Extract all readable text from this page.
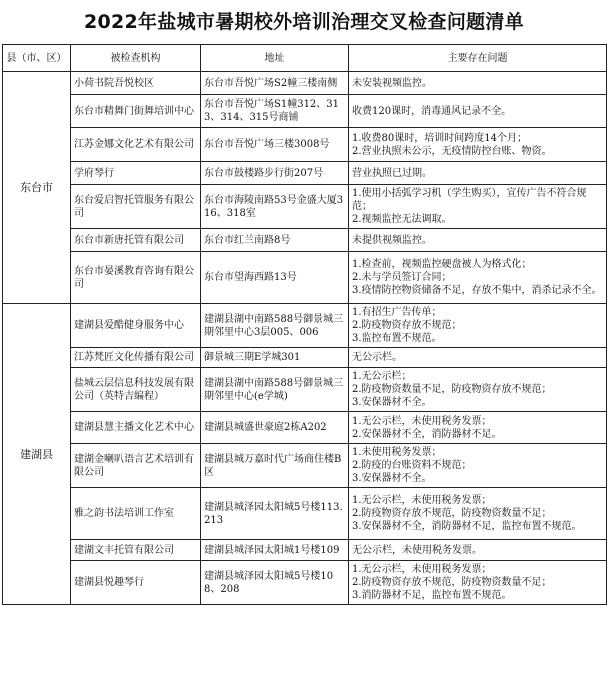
2022年盐城市暑期校外培训治理交叉检查问题清单
县（市、区）	被检查机构	地址	主要存在问题
东台市	小荷书院吾悦校区	东台市吾悦广场S2幢三楼南侧	未安装视频监控。

	东台市精舞门街舞培训中心	东台市吾悦广场S1幢312、313、314、315号商铺	收费120课时，消毒通风记录不全。

	江苏金娜文化艺术有限公司	东台市吾悦广场三楼3008号	1.收费80课时，培训时间跨度14个月；
2.营业执照未公示，无疫情防控台账、物资。

	学府琴行	东台市鼓楼路步行街207号	营业执照已过期。

	东台爱启智托管服务有限公司	东台市海陵南路53号金盛大厦316、318室	1.使用小括弧学习机（学生购买），宣传广告不符合规范；
2.视频监控无法调取。

	东台市新唐托管有限公司	东台市红兰南路8号	未提供视频监控。

	东台市晏溪教育咨询有限公司	东台市望海西路13号	1.检查前，视频监控硬盘被人为格式化；
2.未与学员签订合同；
3.疫情防控物资储备不足，存放不集中，消杀记录不全。

建湖县	建湖县爱酷健身服务中心	建湖县湖中南路588号御景城三期邻里中心3层005、006	1.有招生广告传单；
2.防疫物资存放不规范；
3.监控布置不规范。

	江苏梵匠文化传播有限公司	御景城三期E学城301	无公示栏。

	盐城云层信息科技发展有限公司（英特吉编程）	建湖县湖中南路588号御景城三期邻里中心(e学城)	1.无公示栏；
2.防疫物资数量不足，防疫物资存放不规范；
3.安保器材不全。

	建湖县慧主播文化艺术中心	建湖县城盛世豪庭2栋A202	1.无公示栏，未使用税务发票；
2.安保器材不全，消防器材不足。

	建湖金喇叭语言艺术培训有限公司	建湖县城万嘉时代广场商住楼B区	1.未使用税务发票；
2.防疫的台账资料不规范；
3.安保器材不全。

	雅之韵书法培训工作室	建湖县城泽园太阳城5号楼113.213	1.无公示栏，未使用税务发票；
2.防疫物资存放不规范，防疫物资数量不足；
3.安保器材不全，消防器材不足，监控布置不规范。

	建湖文丰托管有限公司	建湖县城泽园太阳城1号楼109	无公示栏，未使用税务发票。

	建湖县悦趣琴行	建湖县城泽园太阳城5号楼108、208	1.无公示栏，未使用税务发票；
2.防疫物资存放不规范，防疫物资数量不足；
3.消防器材不足，监控布置不规范。
